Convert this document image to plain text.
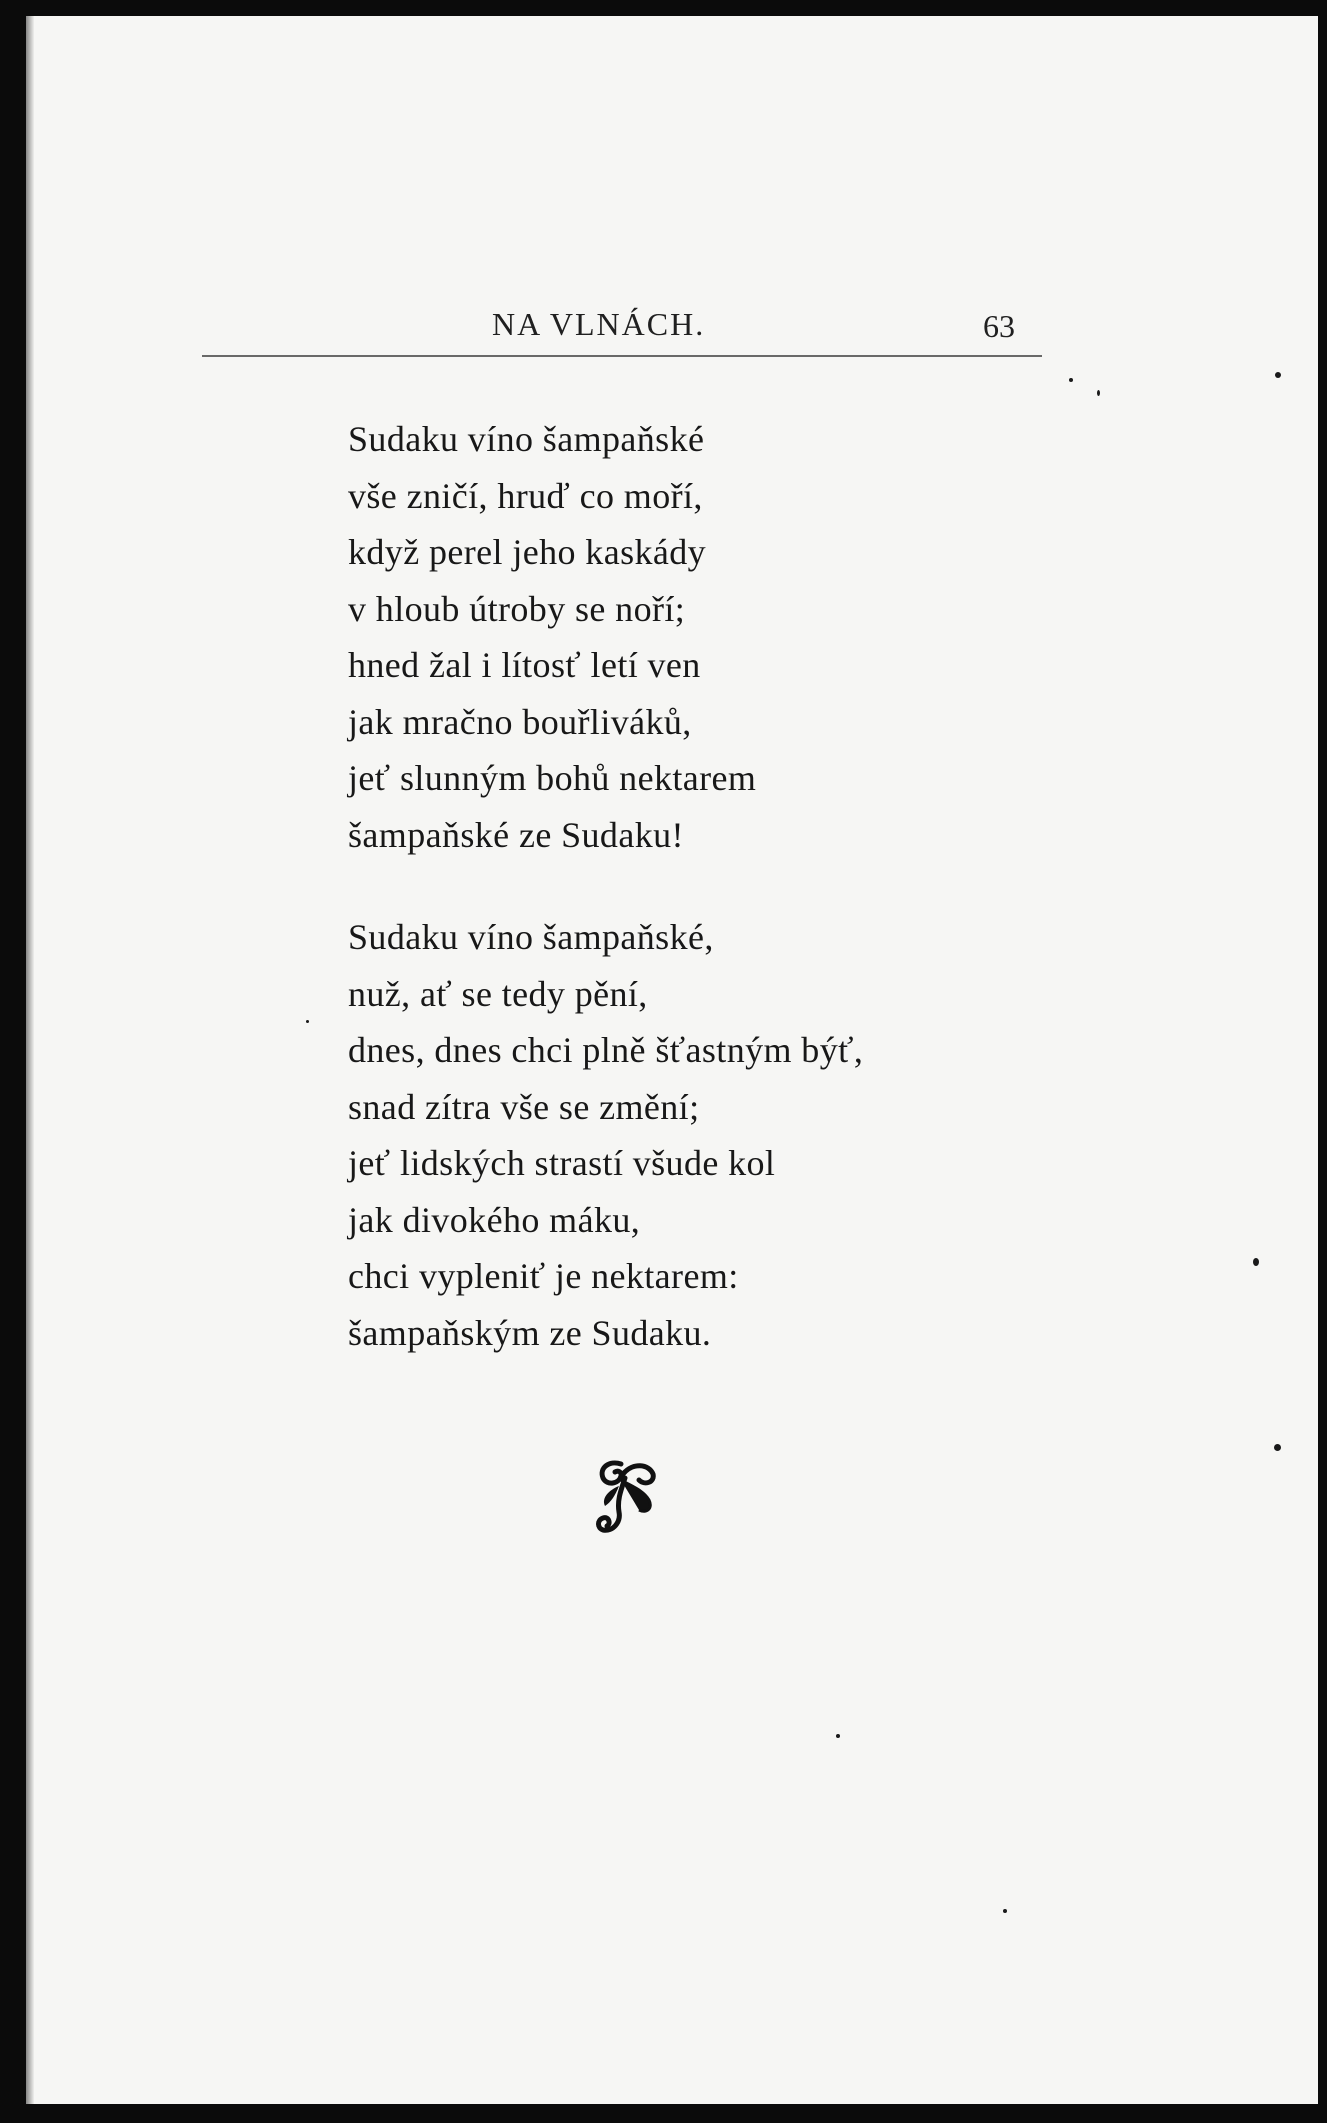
NA VLNÁCH.	63
Sudaku víno šampaňské
vše zničí, hruď co moří,
když perel jeho kaskády
v hloub útroby se noří;
hned žal i lítosť letí ven
jak mračno bouřliváků,
jeť slunným bohů nektarem
šampaňské ze Sudaku!
Sudaku víno šampaňské,
nuž, ať se tedy pění,
dnes, dnes chci plně šťastným býť,
snad zítra vše se změní;
jeť lidských strastí všude kol
jak divokého máku,
chci vypleniť je nektarem:
šampaňským ze Sudaku.
